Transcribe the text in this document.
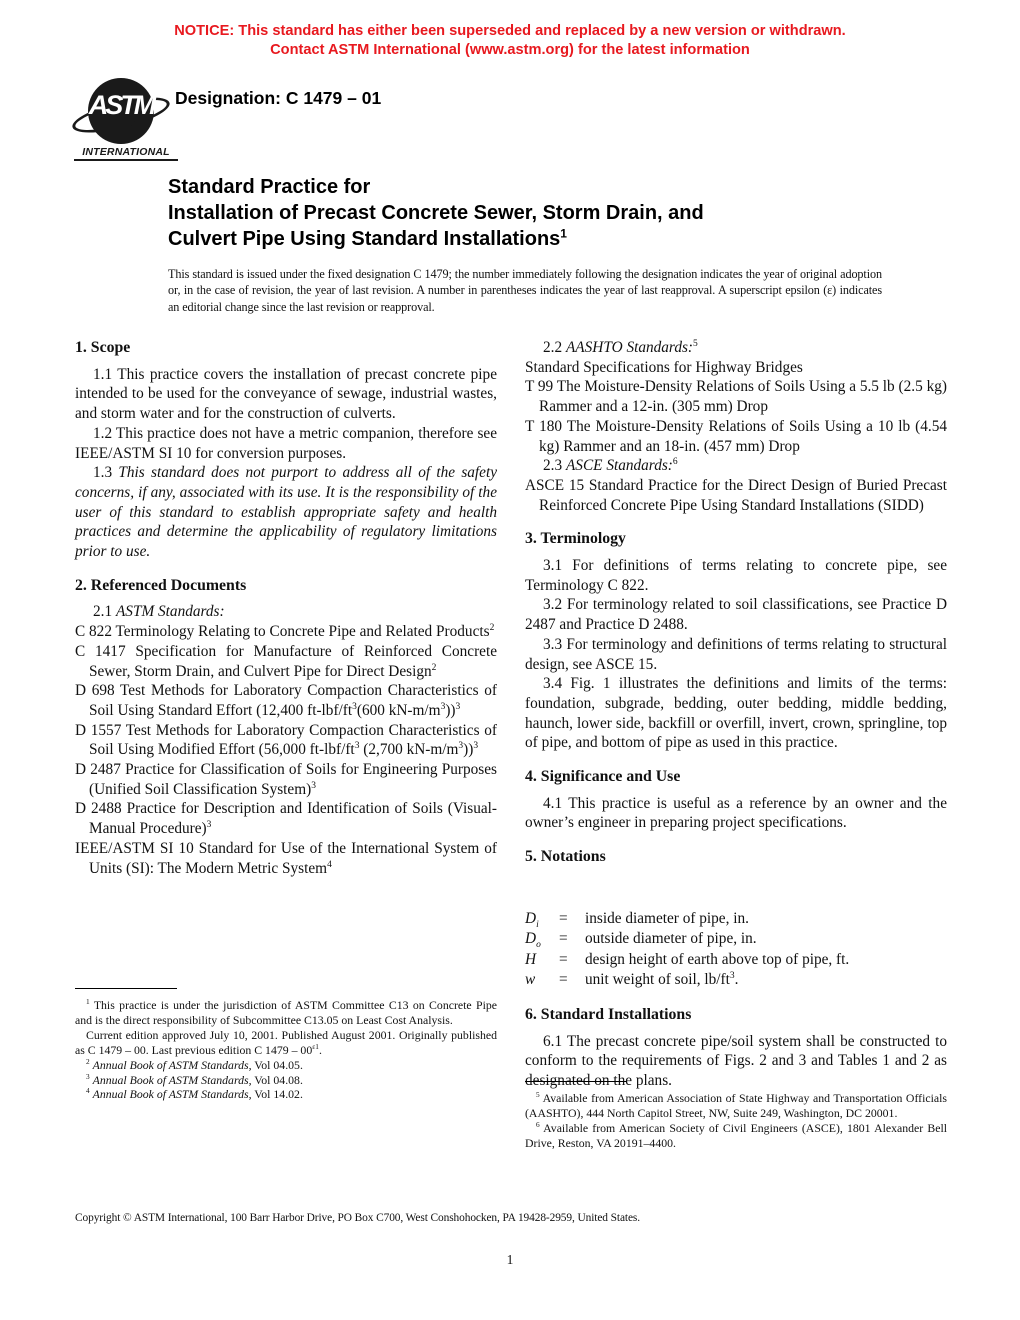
NOTICE: This standard has either been superseded and replaced by a new version or withdrawn.
Contact ASTM International (www.astm.org) for the latest information
ASTM
INTERNATIONAL
Designation: C 1479 – 01
Standard Practice for
Installation of Precast Concrete Sewer, Storm Drain, and
Culvert Pipe Using Standard Installations$^1$
This standard is issued under the fixed designation C 1479; the number immediately following the designation indicates the year of original adoption or, in the case of revision, the year of last revision. A number in parentheses indicates the year of last reapproval. A superscript epsilon (ε) indicates an editorial change since the last revision or reapproval.
1. Scope

1.1 This practice covers the installation of precast concrete pipe intended to be used for the conveyance of sewage, industrial wastes, and storm water and for the construction of culverts.

1.2 This practice does not have a metric companion, therefore see IEEE/ASTM SI 10 for conversion purposes.

1.3 This standard does not purport to address all of the safety concerns, if any, associated with its use. It is the responsibility of the user of this standard to establish appropriate safety and health practices and determine the applicability of regulatory limitations prior to use.

2. Referenced Documents

2.1 ASTM Standards:

C 822 Terminology Relating to Concrete Pipe and Related Products$^2$

C 1417 Specification for Manufacture of Reinforced Concrete Sewer, Storm Drain, and Culvert Pipe for Direct Design$^2$

D 698 Test Methods for Laboratory Compaction Characteristics of Soil Using Standard Effort (12,400 $ft-lbf/ft^3(600$ $kN-m/m^3))^3$

D 1557 Test Methods for Laboratory Compaction Characteristics of Soil Using Modified Effort (56,000 $ft-lbf/ft^3$ (2,700 $kN-m/m^3))^3$

D 2487 Practice for Classification of Soils for Engineering Purposes (Unified Soil Classification System)$^3$

D 2488 Practice for Description and Identification of Soils (Visual-Manual Procedure)$^3$

IEEE/ASTM SI 10 Standard for Use of the International System of Units (SI): The Modern Metric System$^4$

2.2 AASHTO Standards:$^5$

Standard Specifications for Highway Bridges

T 99 The Moisture-Density Relations of Soils Using a 5.5 lb (2.5 kg) Rammer and a 12-in. (305 mm) Drop

T 180 The Moisture-Density Relations of Soils Using a 10 lb (4.54 kg) Rammer and an 18-in. (457 mm) Drop

2.3 ASCE Standards:$^6$

ASCE 15 Standard Practice for the Direct Design of Buried Precast Reinforced Concrete Pipe Using Standard Installations (SIDD)

3. Terminology

3.1 For definitions of terms relating to concrete pipe, see Terminology C 822.

3.2 For terminology related to soil classifications, see Practice D 2487 and Practice D 2488.

3.3 For terminology and definitions of terms relating to structural design, see ASCE 15.

3.4 Fig. 1 illustrates the definitions and limits of the terms: foundation, subgrade, bedding, outer bedding, middle bedding, haunch, lower side, backfill or overfill, invert, crown, springline, top of pipe, and bottom of pipe as used in this practice.

4. Significance and Use

4.1 This practice is useful as a reference by an owner and the owner’s engineer in preparing project specifications.

5. Notations
$D_i$	=	inside diameter of pipe, in.
$D_o$	=	outside diameter of pipe, in.
H	=	design height of earth above top of pipe, ft.
w	=	unit weight of soil, $lb/ft^3$.
6. Standard Installations

6.1 The precast concrete pipe/soil system shall be constructed to conform to the requirements of Figs. 2 and 3 and Tables 1 and 2 as designated on the plans.

$^1$ This practice is under the jurisdiction of ASTM Committee C13 on Concrete Pipe and is the direct responsibility of Subcommittee C13.05 on Least Cost Analysis.

Current edition approved July 10, 2001. Published August 2001. Originally published as C 1479 – 00. Last previous edition C $1479 - 00^{\varepsilon 1}$.

$^2$ Annual Book of ASTM Standards, Vol 04.05.

$^3$ Annual Book of ASTM Standards, Vol 04.08.

$^4$ Annual Book of ASTM Standards, Vol 14.02.	$^5$ Available from American Association of State Highway and Transportation Officials (AASHTO), 444 North Capitol Street, NW, Suite 249, Washington, DC 20001.

$^6$ Available from American Society of Civil Engineers (ASCE), 1801 Alexander Bell Drive, Reston, VA 20191–4400.

Copyright © ASTM International, 100 Barr Harbor Drive, PO Box C700, West Conshohocken, PA 19428-2959, United States.
1
